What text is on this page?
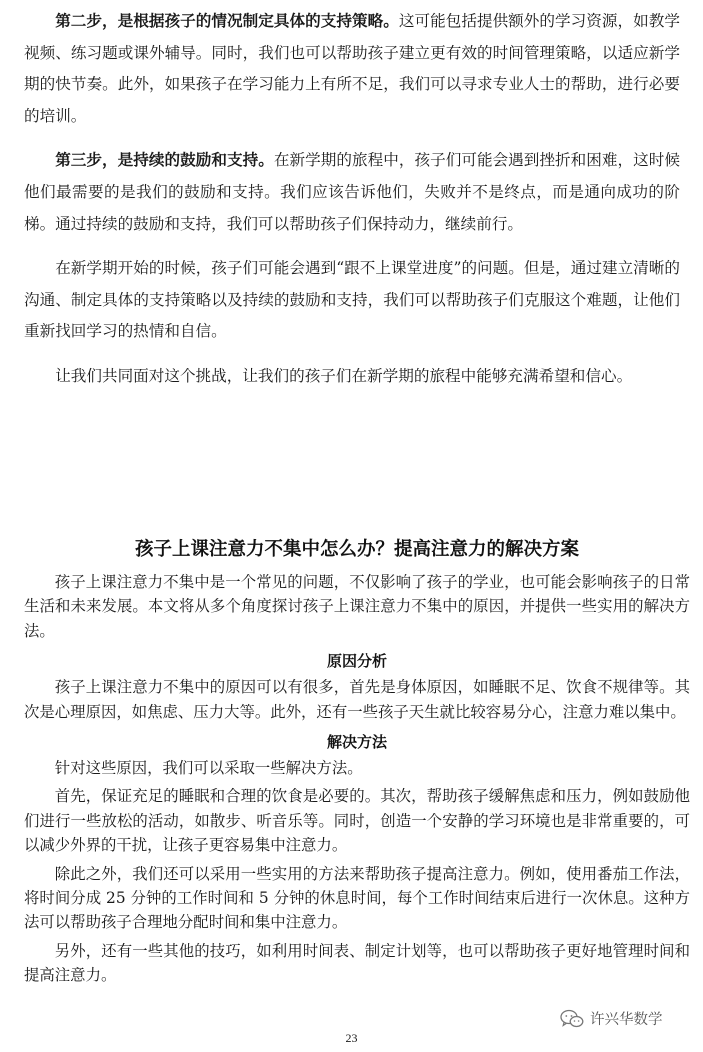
第二步，是根据孩子的情况制定具体的支持策略。这可能包括提供额外的学习资源，如教学视频、练习题或课外辅导。同时，我们也可以帮助孩子建立更有效的时间管理策略，以适应新学期的快节奏。此外，如果孩子在学习能力上有所不足，我们可以寻求专业人士的帮助，进行必要的培训。

第三步，是持续的鼓励和支持。在新学期的旅程中，孩子们可能会遇到挫折和困难，这时候他们最需要的是我们的鼓励和支持。我们应该告诉他们，失败并不是终点，而是通向成功的阶梯。通过持续的鼓励和支持，我们可以帮助孩子们保持动力，继续前行。

在新学期开始的时候，孩子们可能会遇到“跟不上课堂进度”的问题。但是，通过建立清晰的沟通、制定具体的支持策略以及持续的鼓励和支持，我们可以帮助孩子们克服这个难题，让他们重新找回学习的热情和自信。

让我们共同面对这个挑战，让我们的孩子们在新学期的旅程中能够充满希望和信心。

孩子上课注意力不集中怎么办？提高注意力的解决方案

孩子上课注意力不集中是一个常见的问题，不仅影响了孩子的学业，也可能会影响孩子的日常生活和未来发展。本文将从多个角度探讨孩子上课注意力不集中的原因，并提供一些实用的解决方法。

原因分析

孩子上课注意力不集中的原因可以有很多，首先是身体原因，如睡眠不足、饮食不规律等。其次是心理原因，如焦虑、压力大等。此外，还有一些孩子天生就比较容易分心，注意力难以集中。

解决方法

针对这些原因，我们可以采取一些解决方法。

首先，保证充足的睡眠和合理的饮食是必要的。其次，帮助孩子缓解焦虑和压力，例如鼓励他们进行一些放松的活动，如散步、听音乐等。同时，创造一个安静的学习环境也是非常重要的，可以减少外界的干扰，让孩子更容易集中注意力。

除此之外，我们还可以采用一些实用的方法来帮助孩子提高注意力。例如，使用番茄工作法，将时间分成 25 分钟的工作时间和 5 分钟的休息时间，每个工作时间结束后进行一次休息。这种方法可以帮助孩子合理地分配时间和集中注意力。

另外，还有一些其他的技巧，如利用时间表、制定计划等，也可以帮助孩子更好地管理时间和提高注意力。

许兴华数学
23
